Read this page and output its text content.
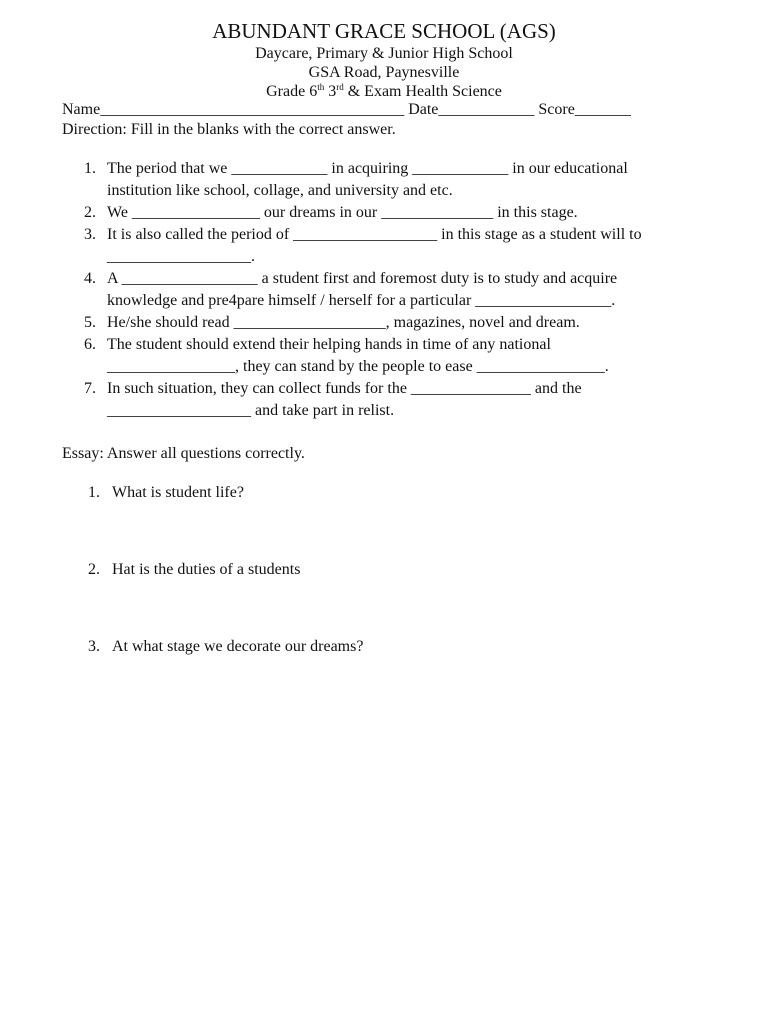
ABUNDANT GRACE SCHOOL (AGS)
Daycare, Primary & Junior High School
GSA Road, Paynesville
Grade 6th 3rd & Exam Health Science
Name______________________________________ Date____________ Score_______
Direction: Fill in the blanks with the correct answer.
1. The period that we ____________ in acquiring ____________ in our educational
institution like school, collage, and university and etc.
2. We ________________ our dreams in our ______________ in this stage.
3. It is also called the period of __________________ in this stage as a student will to
__________________.
4. A _________________ a student first and foremost duty is to study and acquire
knowledge and pre4pare himself / herself for a particular _________________.
5. He/she should read ___________________, magazines, novel and dream.
6. The student should extend their helping hands in time of any national
________________, they can stand by the people to ease ________________.
7. In such situation, they can collect funds for the _______________ and the
__________________ and take part in relist.
Essay: Answer all questions correctly.
1. What is student life?
2. Hat is the duties of a students
3. At what stage we decorate our dreams?
